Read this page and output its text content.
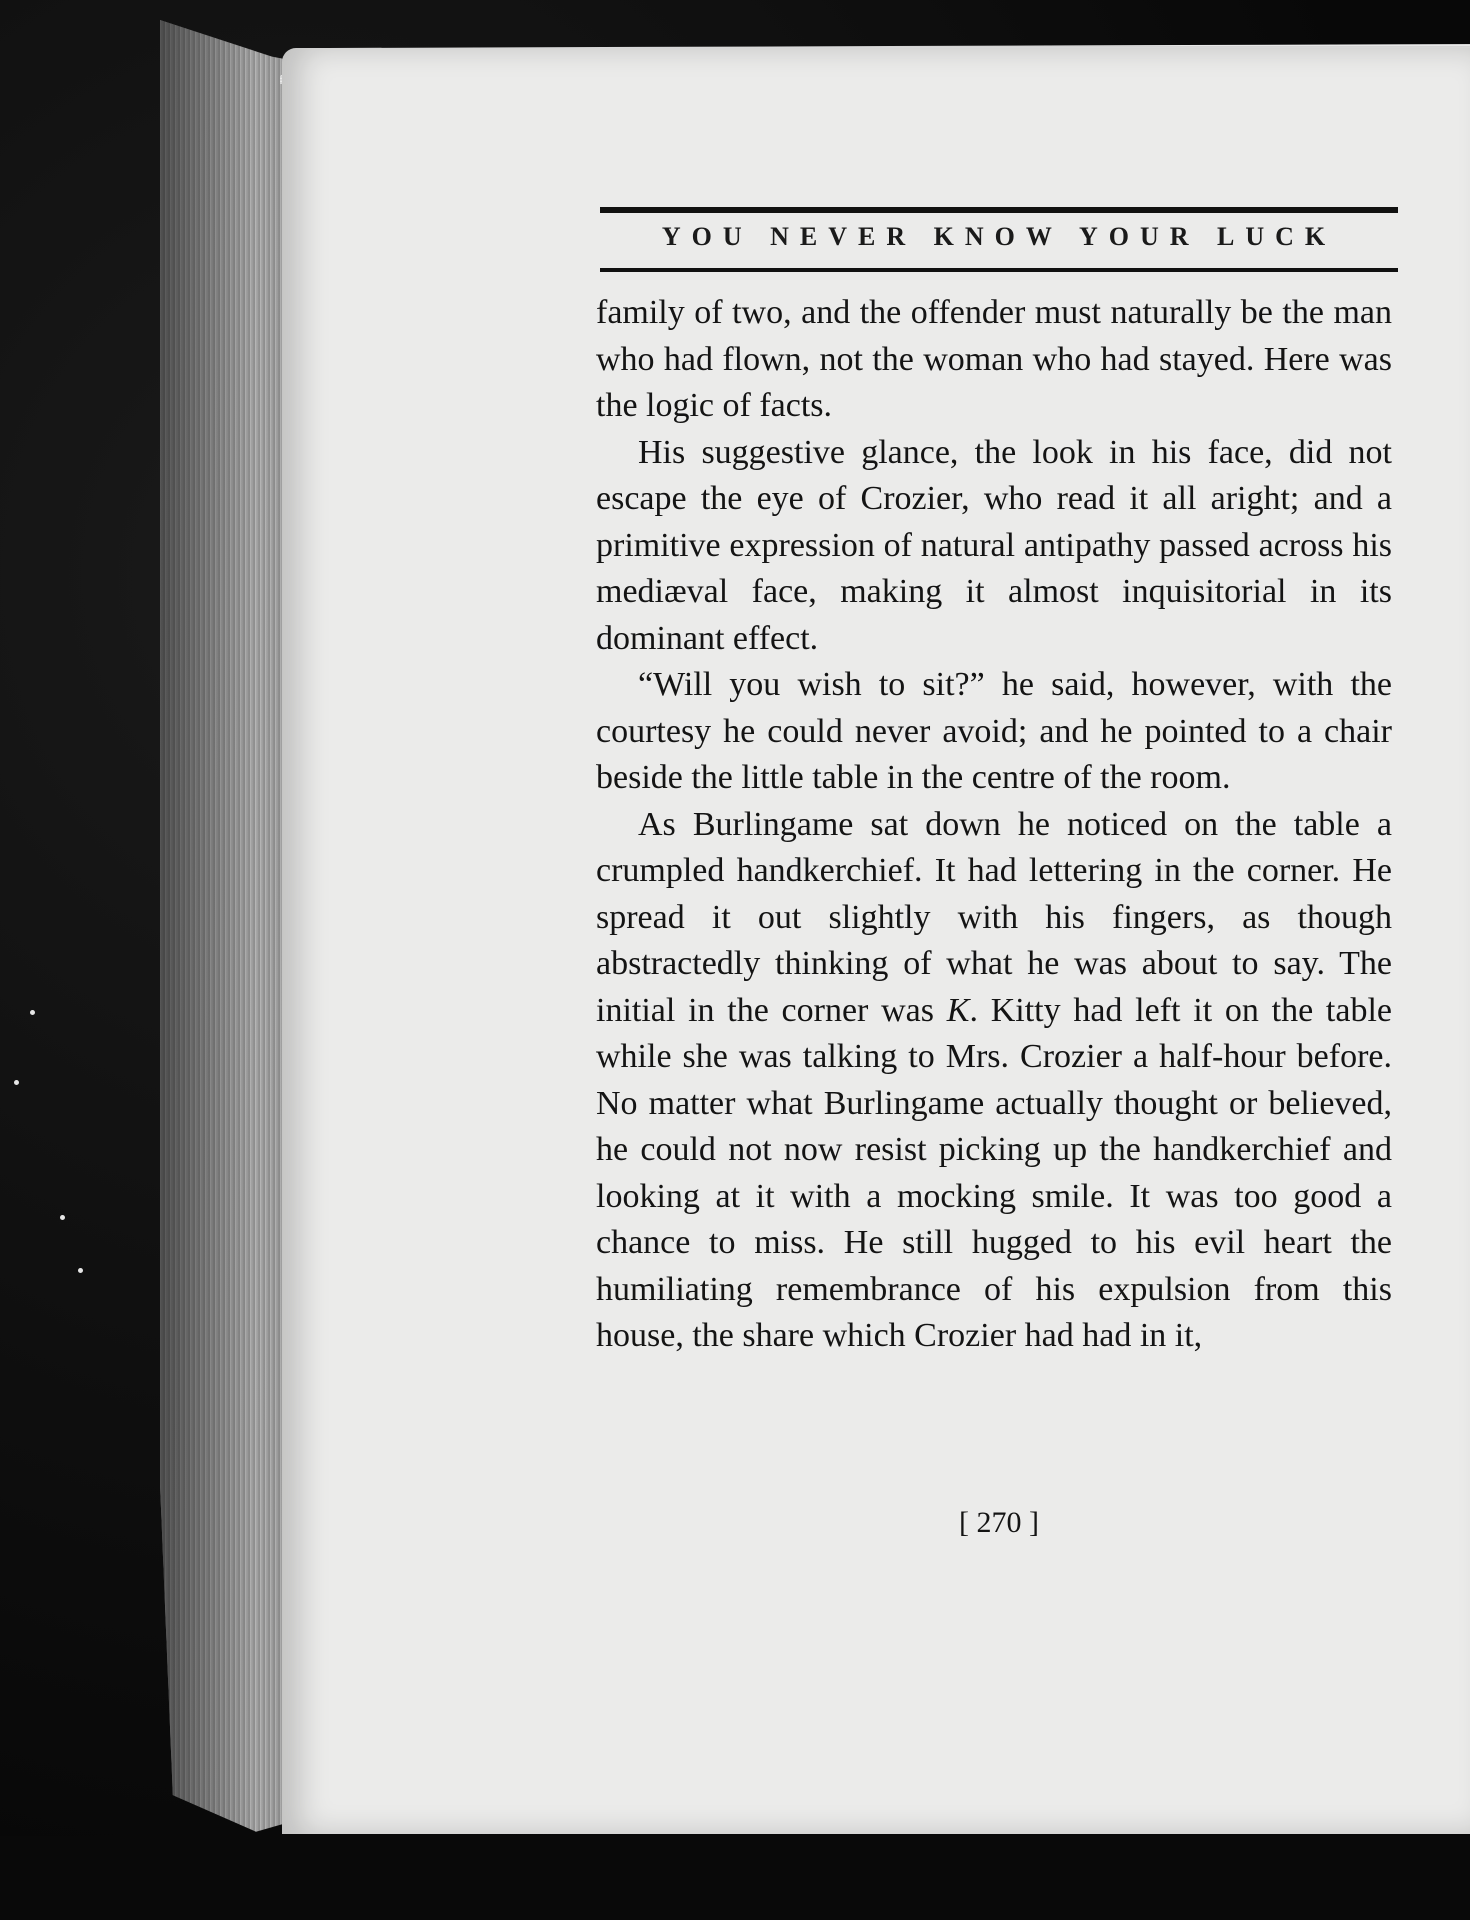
YOU NEVER KNOW YOUR LUCK

family of two, and the offender must naturally be the man who had flown, not the woman who had stayed. Here was the logic of facts.

His suggestive glance, the look in his face, did not escape the eye of Crozier, who read it all aright; and a primitive expression of natural antipathy passed across his mediæval face, making it almost inquisitorial in its dominant effect.

“Will you wish to sit?” he said, however, with the courtesy he could never avoid; and he pointed to a chair beside the little table in the centre of the room.

As Burlingame sat down he noticed on the table a crumpled handkerchief. It had lettering in the corner. He spread it out slightly with his fingers, as though abstractedly thinking of what he was about to say. The initial in the corner was K. Kitty had left it on the table while she was talking to Mrs. Crozier a half-hour before. No matter what Burlingame actually thought or believed, he could not now resist picking up the handkerchief and looking at it with a mocking smile. It was too good a chance to miss. He still hugged to his evil heart the humiliating remembrance of his expulsion from this house, the share which Crozier had had in it,

[ 270 ]
